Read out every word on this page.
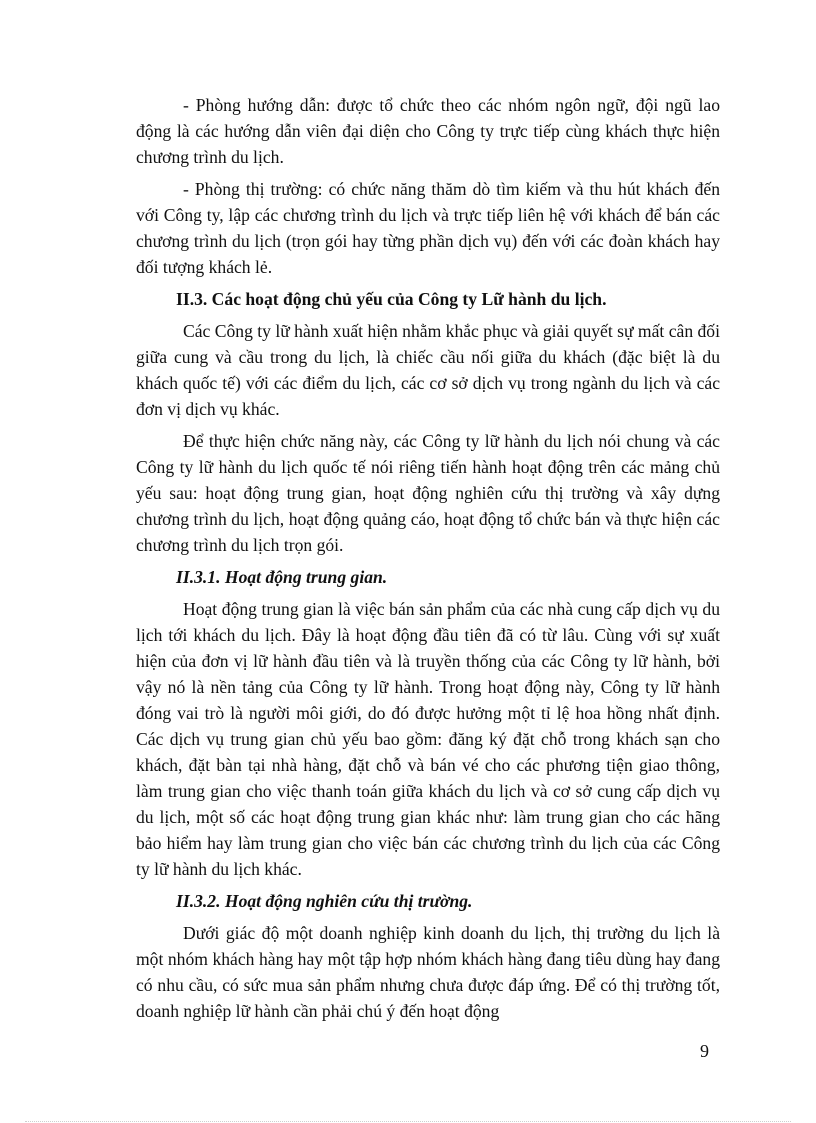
- Phòng hướng dẫn: được tổ chức theo các nhóm ngôn ngữ, đội ngũ lao động là các hướng dẫn viên đại diện cho Công ty trực tiếp cùng khách thực hiện chương trình du lịch.

- Phòng thị trường: có chức năng thăm dò tìm kiếm và thu hút khách đến với Công ty, lập các chương trình du lịch và trực tiếp liên hệ với khách để bán các chương trình du lịch (trọn gói hay từng phần dịch vụ) đến với các đoàn khách hay đối tượng khách lẻ.

II.3. Các hoạt động chủ yếu của Công ty Lữ hành du lịch.

Các Công ty lữ hành xuất hiện nhằm khắc phục và giải quyết sự mất cân đối giữa cung và cầu trong du lịch, là chiếc cầu nối giữa du khách (đặc biệt là du khách quốc tế) với các điểm du lịch, các cơ sở dịch vụ trong ngành du lịch và các đơn vị dịch vụ khác.

Để thực hiện chức năng này, các Công ty lữ hành du lịch nói chung và các Công ty lữ hành du lịch quốc tế nói riêng tiến hành hoạt động trên các mảng chủ yếu sau: hoạt động trung gian, hoạt động nghiên cứu thị trường và xây dựng chương trình du lịch, hoạt động quảng cáo, hoạt động tổ chức bán và thực hiện các chương trình du lịch trọn gói.

II.3.1. Hoạt động trung gian.

Hoạt động trung gian là việc bán sản phẩm của các nhà cung cấp dịch vụ du lịch tới khách du lịch. Đây là hoạt động đầu tiên đã có từ lâu. Cùng với sự xuất hiện của đơn vị lữ hành đầu tiên và là truyền thống của các Công ty lữ hành, bởi vậy nó là nền tảng của Công ty lữ hành. Trong hoạt động này, Công ty lữ hành đóng vai trò là người môi giới, do đó được hưởng một tỉ lệ hoa hồng nhất định. Các dịch vụ trung gian chủ yếu bao gồm: đăng ký đặt chỗ trong khách sạn cho khách, đặt bàn tại nhà hàng, đặt chỗ và bán vé cho các phương tiện giao thông, làm trung gian cho việc thanh toán giữa khách du lịch và cơ sở cung cấp dịch vụ du lịch, một số các hoạt động trung gian khác như: làm trung gian cho các hãng bảo hiểm hay làm trung gian cho việc bán các chương trình du lịch của các Công ty lữ hành du lịch khác.

II.3.2. Hoạt động nghiên cứu thị trường.

Dưới giác độ một doanh nghiệp kinh doanh du lịch, thị trường du lịch là một nhóm khách hàng hay một tập hợp nhóm khách hàng đang tiêu dùng hay đang có nhu cầu, có sức mua sản phẩm nhưng chưa được đáp ứng. Để có thị trường tốt, doanh nghiệp lữ hành cần phải chú ý đến hoạt động

9
